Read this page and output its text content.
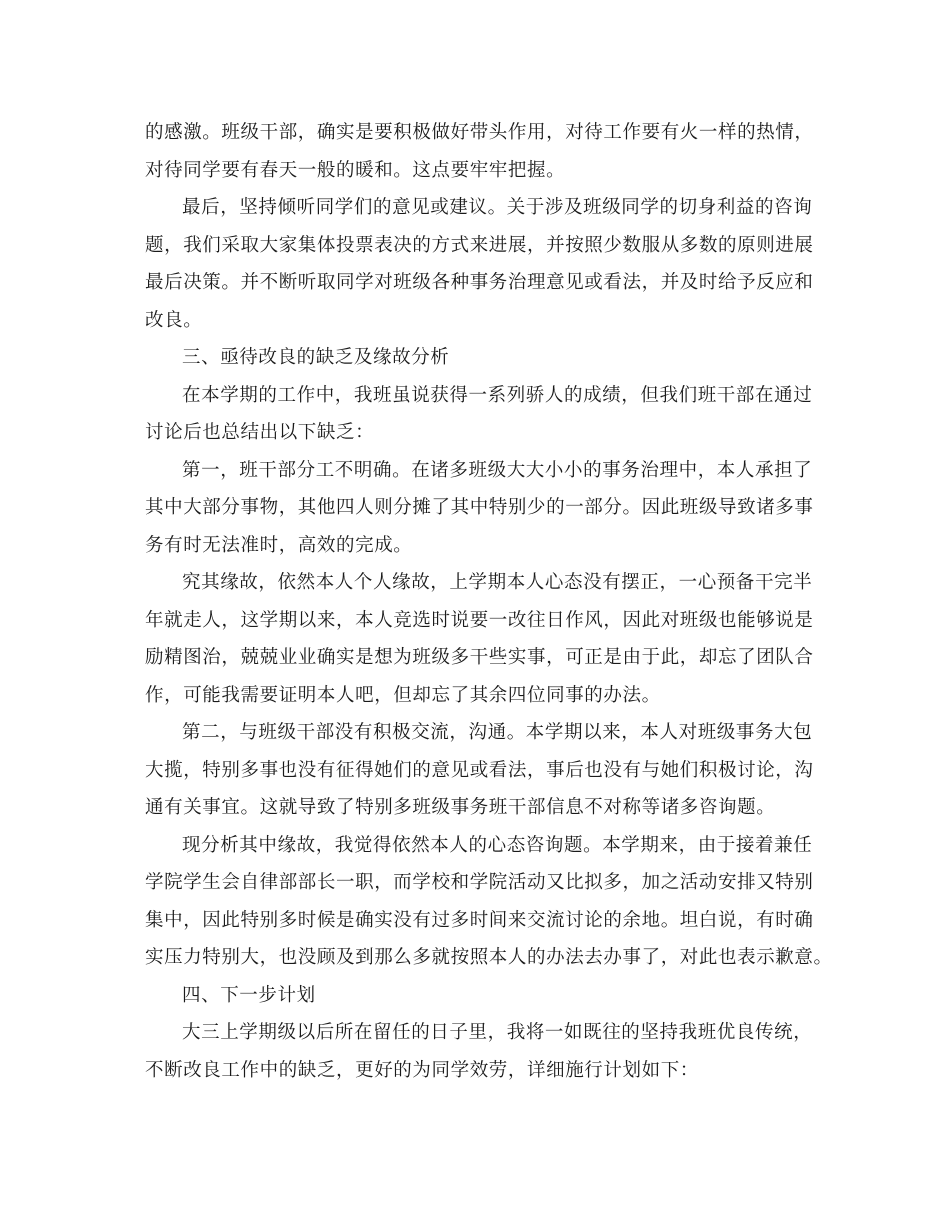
的感激。班级干部，确实是要积极做好带头作用，对待工作要有火一样的热情，
对待同学要有春天一般的暖和。这点要牢牢把握。
最后，坚持倾听同学们的意见或建议。关于涉及班级同学的切身利益的咨询
题，我们采取大家集体投票表决的方式来进展，并按照少数服从多数的原则进展
最后决策。并不断听取同学对班级各种事务治理意见或看法，并及时给予反应和
改良。
三、亟待改良的缺乏及缘故分析
在本学期的工作中，我班虽说获得一系列骄人的成绩，但我们班干部在通过
讨论后也总结出以下缺乏：
第一，班干部分工不明确。在诸多班级大大小小的事务治理中，本人承担了
其中大部分事物，其他四人则分摊了其中特别少的一部分。因此班级导致诸多事
务有时无法准时，高效的完成。
究其缘故，依然本人个人缘故，上学期本人心态没有摆正，一心预备干完半
年就走人，这学期以来，本人竞选时说要一改往日作风，因此对班级也能够说是
励精图治，兢兢业业确实是想为班级多干些实事，可正是由于此，却忘了团队合
作，可能我需要证明本人吧，但却忘了其余四位同事的办法。
第二，与班级干部没有积极交流，沟通。本学期以来，本人对班级事务大包
大揽，特别多事也没有征得她们的意见或看法，事后也没有与她们积极讨论，沟
通有关事宜。这就导致了特别多班级事务班干部信息不对称等诸多咨询题。
现分析其中缘故，我觉得依然本人的心态咨询题。本学期来，由于接着兼任
学院学生会自律部部长一职，而学校和学院活动又比拟多，加之活动安排又特别
集中，因此特别多时候是确实没有过多时间来交流讨论的余地。坦白说，有时确
实压力特别大，也没顾及到那么多就按照本人的办法去办事了，对此也表示歉意。
四、下一步计划
大三上学期级以后所在留任的日子里，我将一如既往的坚持我班优良传统，
不断改良工作中的缺乏，更好的为同学效劳，详细施行计划如下：
